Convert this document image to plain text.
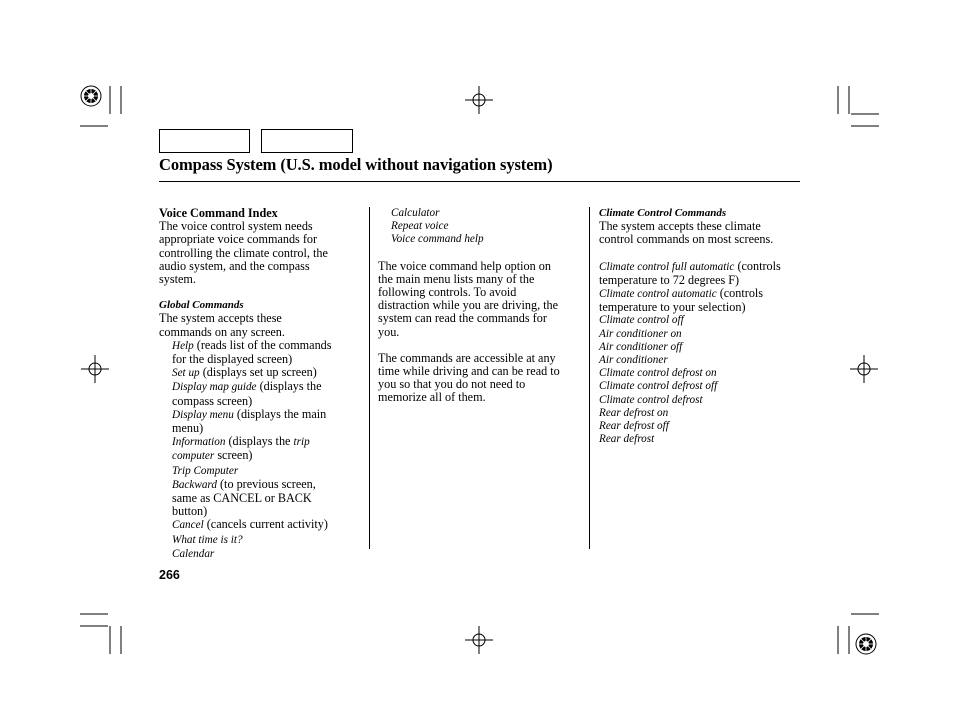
Compass System (U.S. model without navigation system)

Voice Command Index

The voice control system needs

appropriate voice commands for

controlling the climate control, the

audio system, and the compass

system.

Global Commands

The system accepts these

commands on any screen.

Help (reads list of the commands

for the displayed screen)

Set up (displays set up screen)

Display map guide (displays the

compass screen)

Display menu (displays the main

menu)

Information (displays the trip

computer screen)

Trip Computer

Backward (to previous screen,

same as CANCEL or BACK

button)

Cancel (cancels current activity)

What time is it?

Calendar

Calculator

Repeat voice

Voice command help

The voice command help option on

the main menu lists many of the

following controls. To avoid

distraction while you are driving, the

system can read the commands for

you.

The commands are accessible at any

time while driving and can be read to

you so that you do not need to

memorize all of them.

Climate Control Commands

The system accepts these climate

control commands on most screens.

Climate control full automatic (controls

temperature to 72 degrees F)

Climate control automatic (controls

temperature to your selection)

Climate control off

Air conditioner on

Air conditioner off

Air conditioner

Climate control defrost on

Climate control defrost off

Climate control defrost

Rear defrost on

Rear defrost off

Rear defrost

266
